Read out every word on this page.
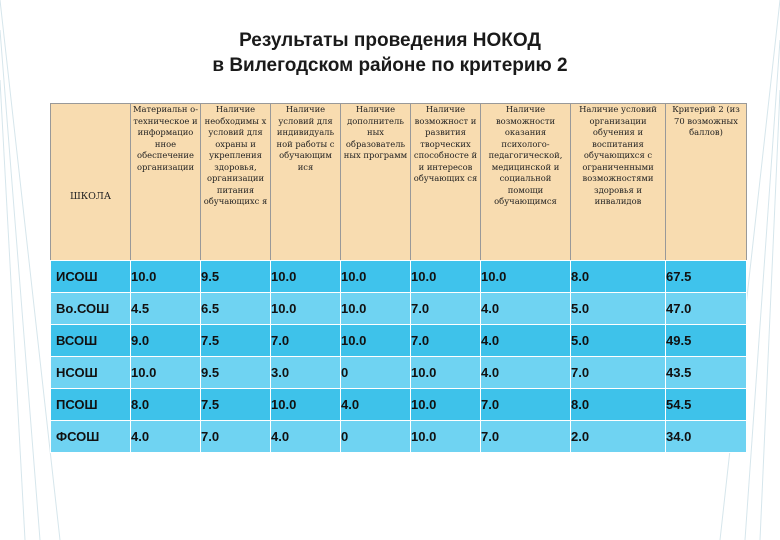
Результаты проведения НОКОД
в Вилегодском районе по критерию 2
ШКОЛА	Материальн о-техническое и информацио нное обеспечение организации	Наличие необходимы х условий для охраны и укрепления здоровья, организации питания обучающихс я	Наличие условий для индивидуаль ной работы с обучающим ися	Наличие дополнитель ных образователь ных программ	Наличие возможност и развития творческих способносте й и интересов обучающих ся	Наличие возможности оказания психолого-педагогической, медицинской и социальной помощи обучающимся	Наличие условий организации обучения и воспитания обучающихся с ограниченными возможностями здоровья и инвалидов	Критерий 2 (из 70 возможных баллов)
ИСОШ	10.0	9.5	10.0	10.0	10.0	10.0	8.0	67.5
Во.СОШ	4.5	6.5	10.0	10.0	7.0	4.0	5.0	47.0
ВСОШ	9.0	7.5	7.0	10.0	7.0	4.0	5.0	49.5
НСОШ	10.0	9.5	3.0	0	10.0	4.0	7.0	43.5
ПСОШ	8.0	7.5	10.0	4.0	10.0	7.0	8.0	54.5
ФСОШ	4.0	7.0	4.0	0	10.0	7.0	2.0	34.0
